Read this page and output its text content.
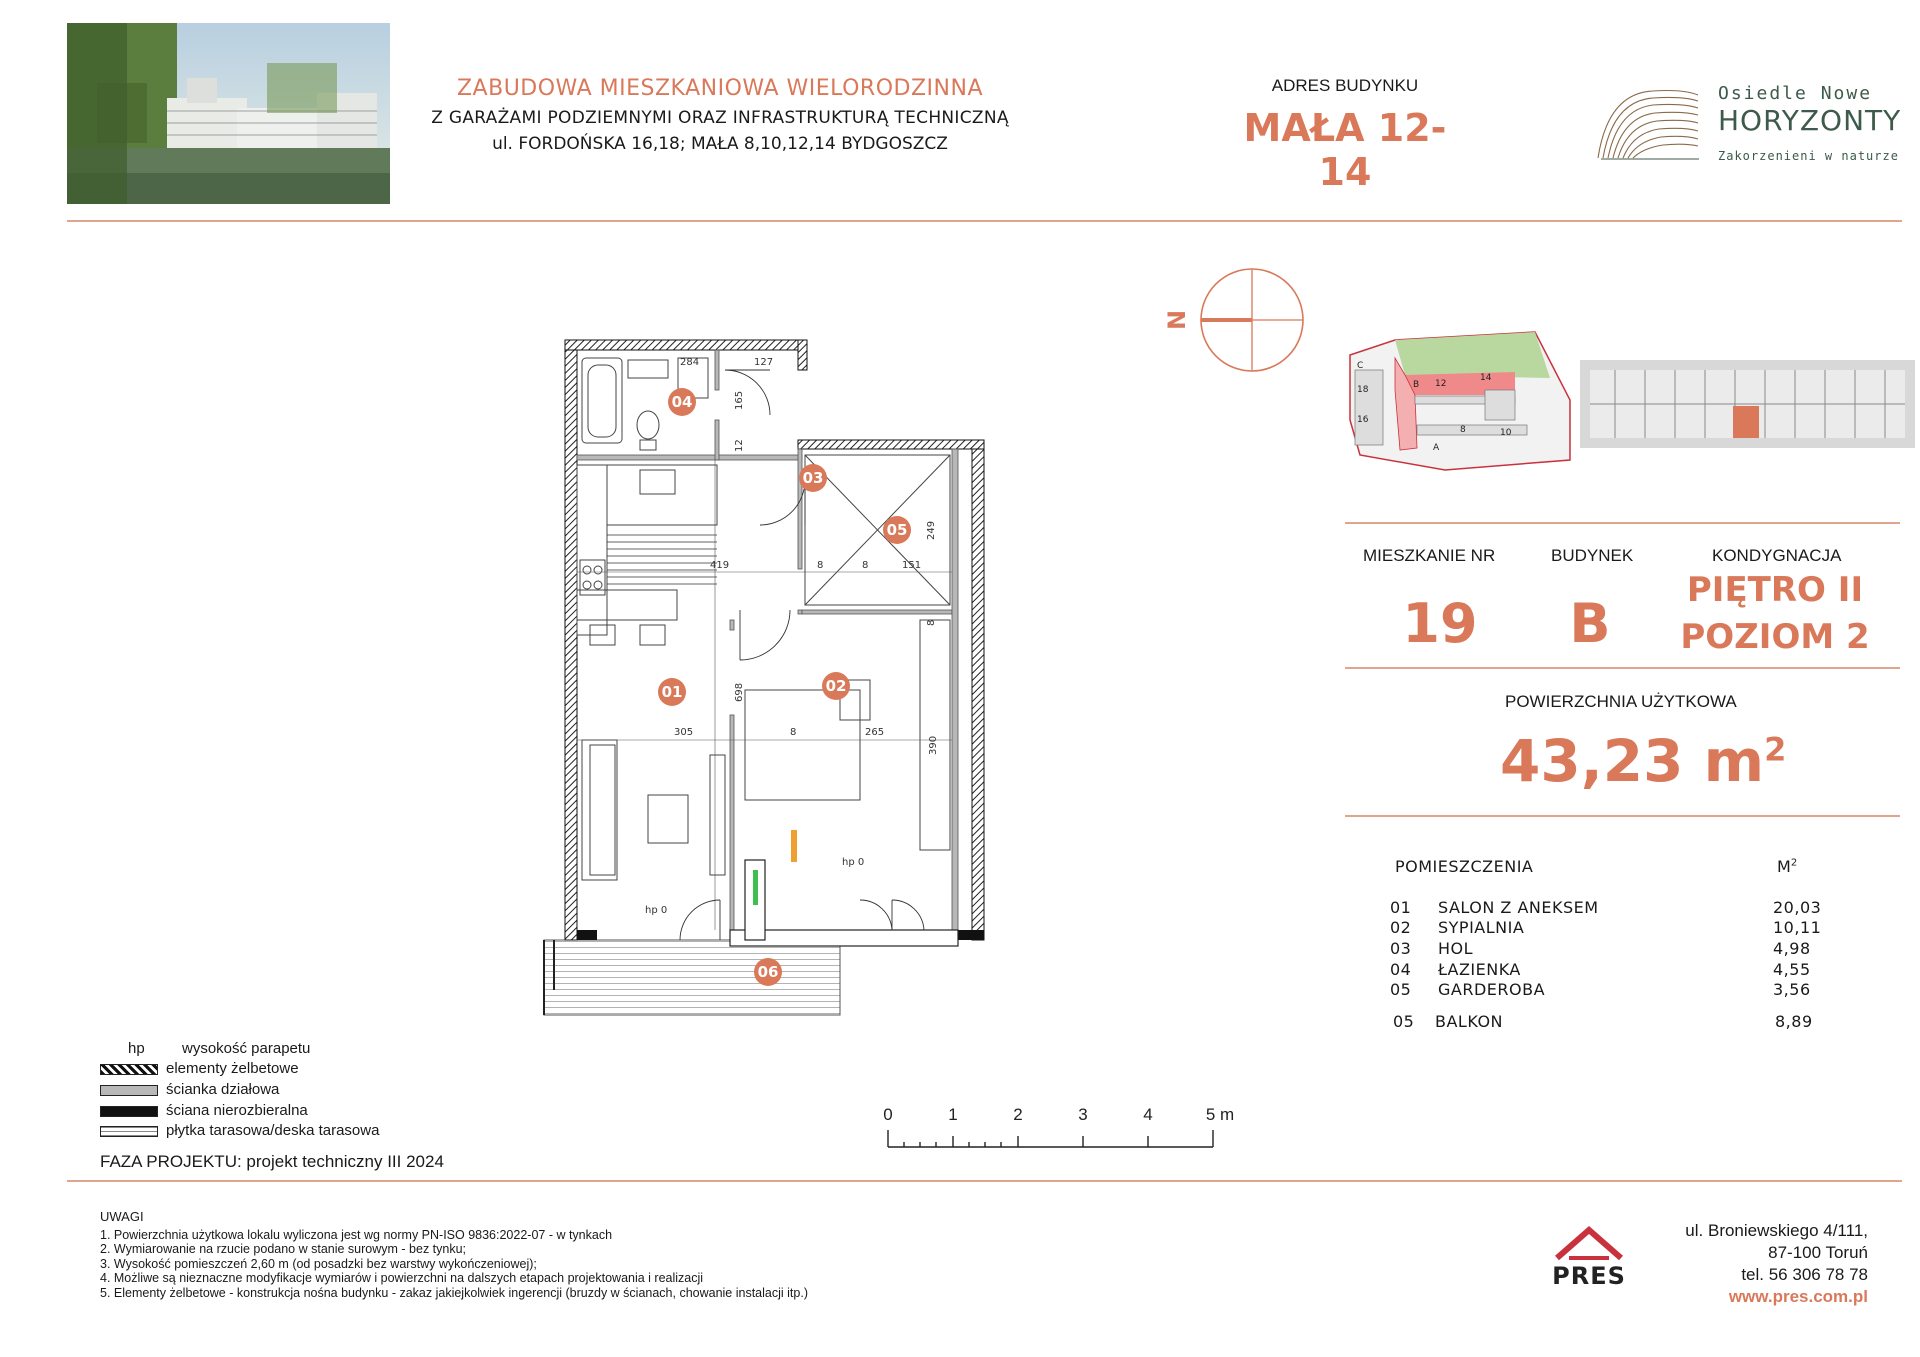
ZABUDOWA MIESZKANIOWA WIELORODZINNA
Z GARAŻAMI PODZIEMNYMI ORAZ INFRASTRUKTURĄ TECHNICZNĄ
ul. FORDOŃSKA 16,18; MAŁA 8,10,12,14 BYDGOSZCZ
ADRES BUDYNKU
MAŁA 12-14
Osiedle Nowe
HORYZONTY
Zakorzenieni w naturze
N
C
B 12
14
18
16
8	10
A
MIESZKANIE NR	BUDYNEK	KONDYGNACJA
19	B
PIĘTRO II
POZIOM 2
POWIERZCHNIA UŻYTKOWA
43,23 $m^2$
POMIESZCZENIA	$M^2$
01 SALON Z ANEKSEM	20,03
02 SYPIALNIA	10,11
03 HOL	4,98
04 ŁAZIENKA	4,55
05 GARDEROBA	3,56
05 BALKON	8,89
284	127
165
12
419	8	151
249
8
698
305	8	265
390
8
hp 0
hp 0
01	02
03
04
05
06
0	1	2	3	4	5 m
hp wysokość parapetu
elementy żelbetowe
ścianka działowa
ściana nierozbieralna
płytka tarasowa/deska tarasowa
FAZA PROJEKTU: projekt techniczny III 2024
UWAGI
1. Powierzchnia użytkowa lokalu wyliczona jest wg normy PN-ISO 9836:2022-07 - w tynkach
2. Wymiarowanie na rzucie podano w stanie surowym - bez tynku;
3. Wysokość pomieszczeń 2,60 m (od posadzki bez warstwy wykończeniowej);
4. Możliwe są nieznaczne modyfikacje wymiarów i powierzchni na dalszych etapach projektowania i realizacji
5. Elementy żelbetowe - konstrukcja nośna budynku - zakaz jakiejkolwiek ingerencji (bruzdy w ścianach, chowanie instalacji itp.)
PRES
ul. Broniewskiego 4/111,
87-100 Toruń
tel. 56 306 78 78
www.pres.com.pl
